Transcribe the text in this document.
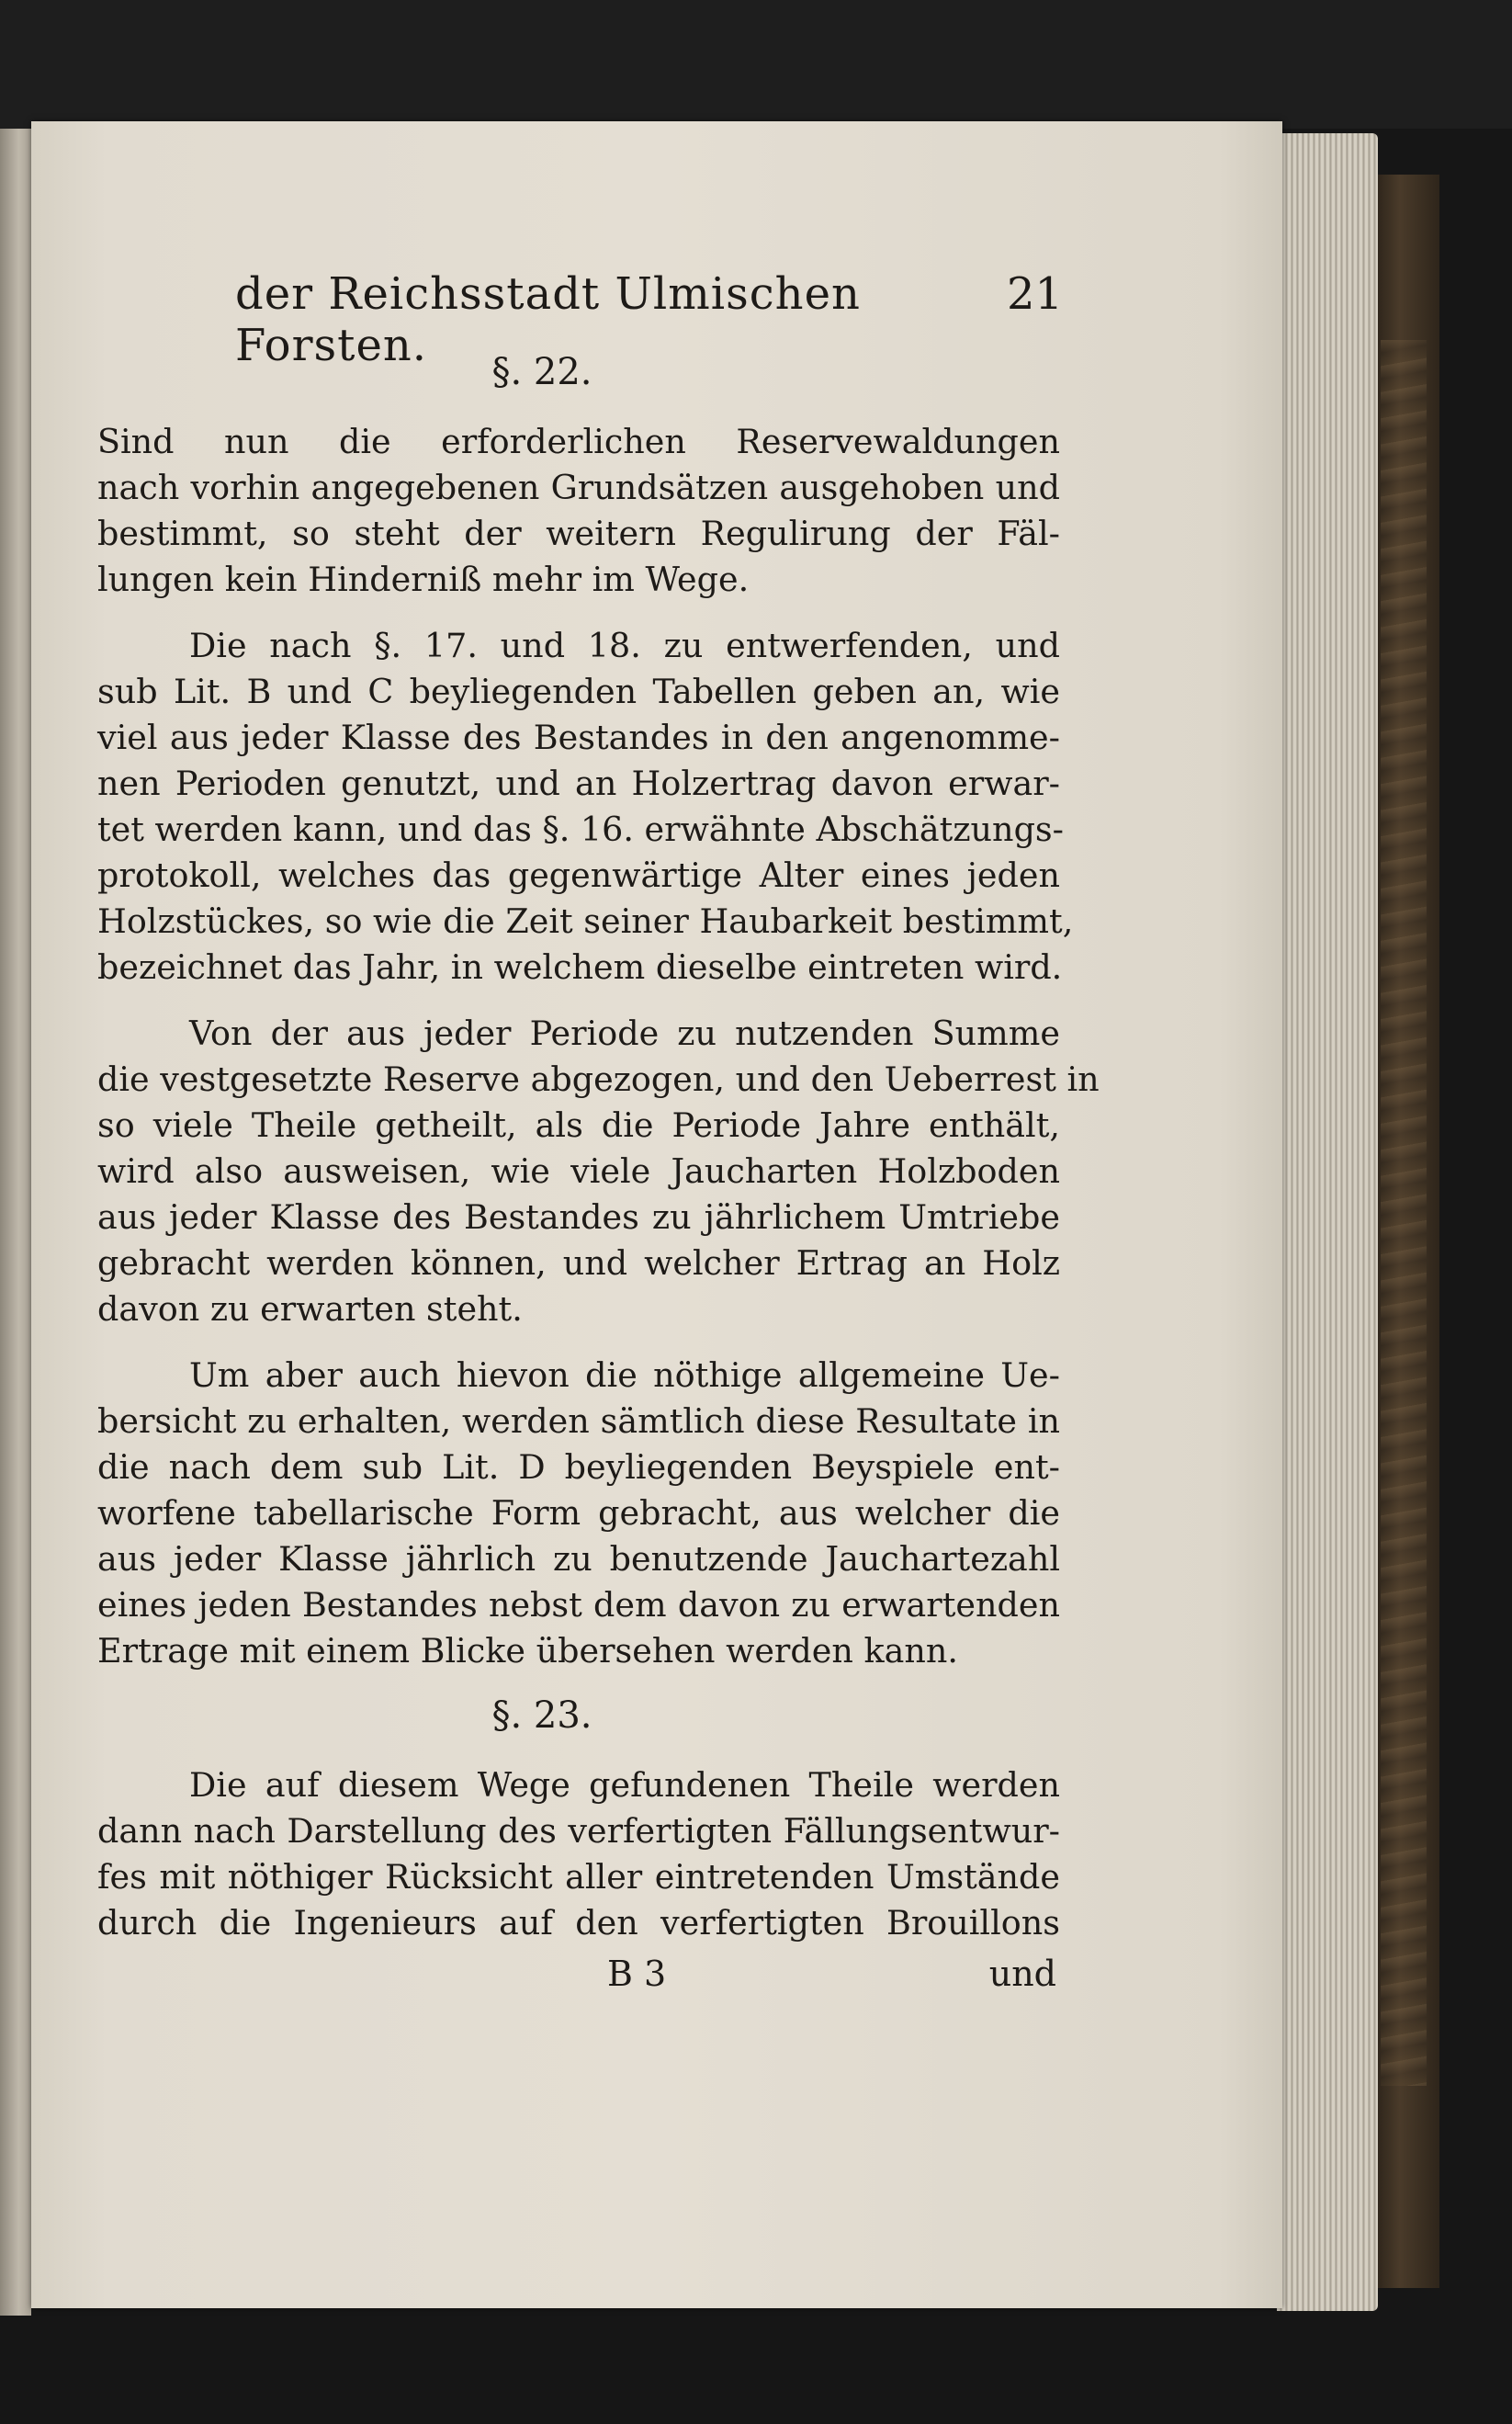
der Reichsstadt Ulmischen Forsten.
21
§. 22.
Sind nun die erforderlichen Reservewaldungen
nach vorhin angegebenen Grundsätzen ausgehoben und
bestimmt, so steht der weitern Regulirung der Fäl-
lungen kein Hinderniß mehr im Wege.
Die nach §. 17. und 18. zu entwerfenden, und
sub Lit. B und C beyliegenden Tabellen geben an, wie
viel aus jeder Klasse des Bestandes in den angenomme-
nen Perioden genutzt, und an Holzertrag davon erwar-
tet werden kann, und das §. 16. erwähnte Abschätzungs-
protokoll, welches das gegenwärtige Alter eines jeden
Holzstückes, so wie die Zeit seiner Haubarkeit bestimmt,
bezeichnet das Jahr, in welchem dieselbe eintreten wird.
Von der aus jeder Periode zu nutzenden Summe
die vestgesetzte Reserve abgezogen, und den Ueberrest in
so viele Theile getheilt, als die Periode Jahre enthält,
wird also ausweisen, wie viele Jaucharten Holzboden
aus jeder Klasse des Bestandes zu jährlichem Umtriebe
gebracht werden können, und welcher Ertrag an Holz
davon zu erwarten steht.
Um aber auch hievon die nöthige allgemeine Ue-
bersicht zu erhalten, werden sämtlich diese Resultate in
die nach dem sub Lit. D beyliegenden Beyspiele ent-
worfene tabellarische Form gebracht, aus welcher die
aus jeder Klasse jährlich zu benutzende Jauchartezahl
eines jeden Bestandes nebst dem davon zu erwartenden
Ertrage mit einem Blicke übersehen werden kann.
§. 23.
Die auf diesem Wege gefundenen Theile werden
dann nach Darstellung des verfertigten Fällungsentwur-
fes mit nöthiger Rücksicht aller eintretenden Umstände
durch die Ingenieurs auf den verfertigten Brouillons
B 3	und
